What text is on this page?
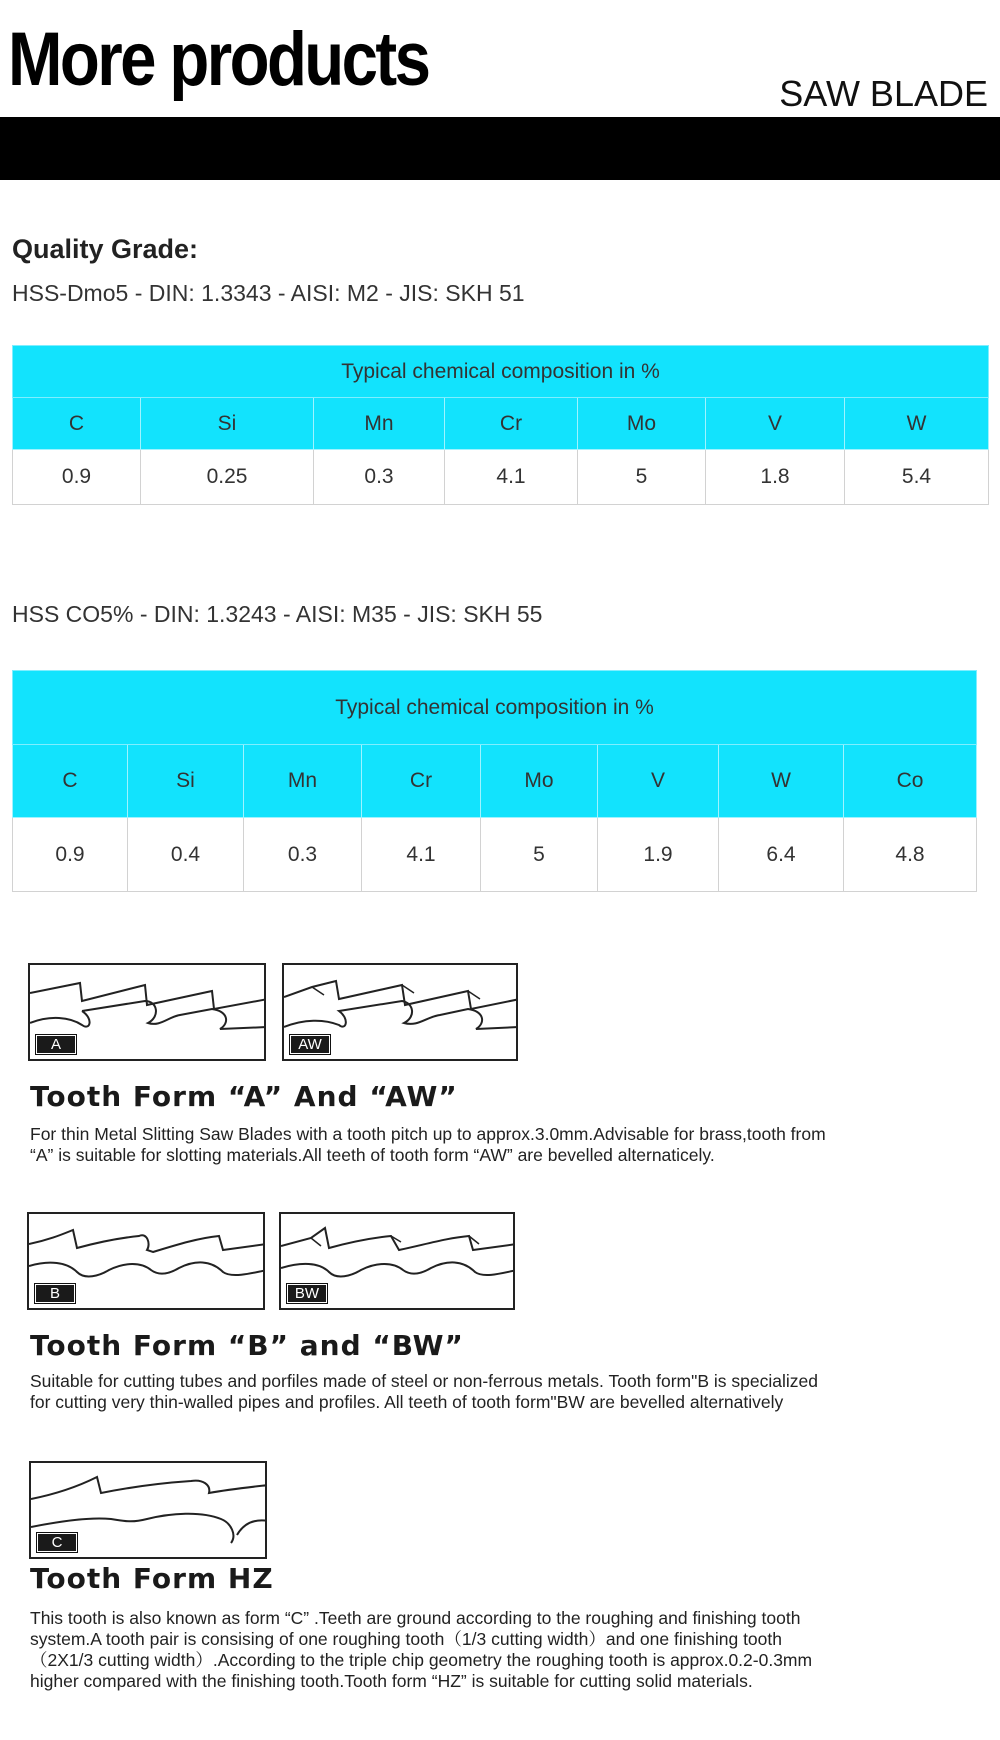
More products	SAW BLADE
Quality Grade:
HSS-Dmo5 - DIN: 1.3343 - AISI: M2 - JIS: SKH 51
Typical chemical composition in %						
C	Si	Mn	Cr	Mo	V	W
0.9	0.25	0.3	4.1	5	1.8	5.4
HSS CO5% - DIN: 1.3243 - AISI: M35 - JIS: SKH 55
Typical chemical composition in %							
C	Si	Mn	Cr	Mo	V	W	Co
0.9	0.4	0.3	4.1	5	1.9	6.4	4.8
A	AW
Tooth Form “A” And “AW”

For thin Metal Slitting Saw Blades with a tooth pitch up to approx.3.0mm.Advisable for brass,tooth from

“A” is suitable for slotting materials.All teeth of tooth form “AW” are bevelled alternaticely.

B	BW
Tooth Form “B” and “BW”

Suitable for cutting tubes and porfiles made of steel or non-ferrous metals. Tooth form"B is specialized

for cutting very thin-walled pipes and profiles. All teeth of tooth form"BW are bevelled alternatively

C
Tooth Form HZ

This tooth is also known as form “C” .Teeth are ground according to the roughing and finishing tooth

system.A tooth pair is consising of one roughing tooth（1/3 cutting width）and one finishing tooth

（2X1/3 cutting width）.According to the triple chip geometry the roughing tooth is approx.0.2-0.3mm

higher compared with the finishing tooth.Tooth form “HZ” is suitable for cutting solid materials.
